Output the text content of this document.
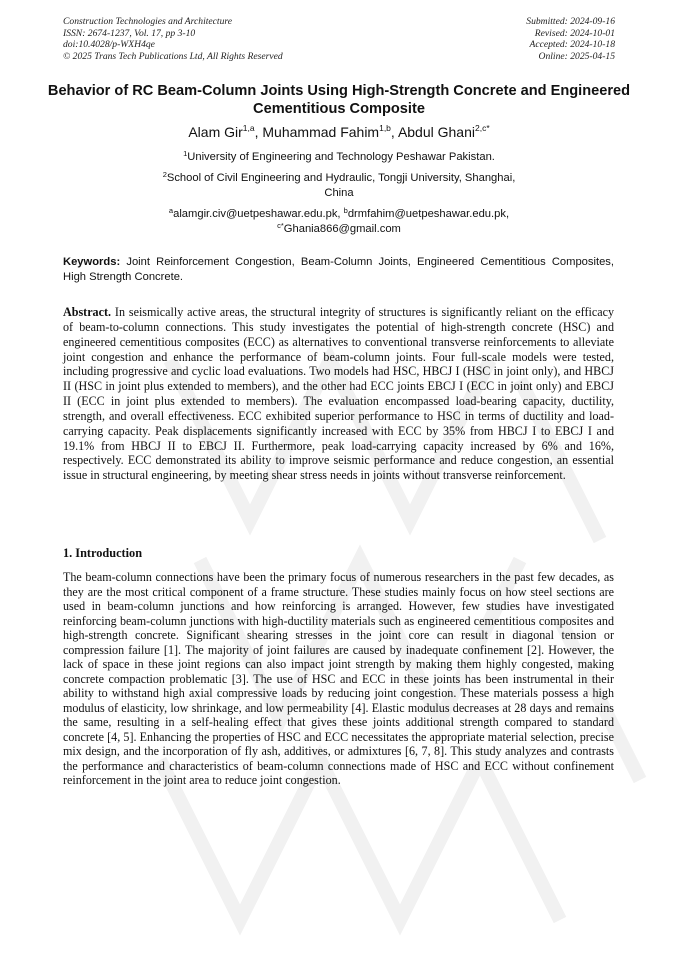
Construction Technologies and Architecture
ISSN: 2674-1237, Vol. 17, pp 3-10
doi:10.4028/p-WXH4qe
© 2025 Trans Tech Publications Ltd, All Rights Reserved
Submitted: 2024-09-16
Revised: 2024-10-01
Accepted: 2024-10-18
Online: 2025-04-15
Behavior of RC Beam-Column Joints Using High-Strength Concrete and Engineered Cementitious Composite
Alam Gir$^{1,a}$, Muhammad Fahim$^{1,b}$, Abdul Ghani$^{2,c*}$
$^1$University of Engineering and Technology Peshawar Pakistan.
$^2$School of Civil Engineering and Hydraulic, Tongji University, Shanghai, China
$^a$alamgir.civ@uetpeshawar.edu.pk, $^b$drmfahim@uetpeshawar.edu.pk,
$^{c*}$Ghania866@gmail.com
Keywords: Joint Reinforcement Congestion, Beam-Column Joints, Engineered Cementitious Composites, High Strength Concrete.
Abstract. In seismically active areas, the structural integrity of structures is significantly reliant on the efficacy of beam-to-column connections. This study investigates the potential of high-strength concrete (HSC) and engineered cementitious composites (ECC) as alternatives to conventional transverse reinforcements to alleviate joint congestion and enhance the performance of beam-column joints. Four full-scale models were tested, including progressive and cyclic load evaluations. Two models had HSC, HBCJ I (HSC in joint only), and HBCJ II (HSC in joint plus extended to members), and the other had ECC joints EBCJ I (ECC in joint only) and EBCJ II (ECC in joint plus extended to members). The evaluation encompassed load-bearing capacity, ductility, strength, and overall effectiveness. ECC exhibited superior performance to HSC in terms of ductility and load-carrying capacity. Peak displacements significantly increased with ECC by 35% from HBCJ I to EBCJ I and 19.1% from HBCJ II to EBCJ II. Furthermore, peak load-carrying capacity increased by 6% and 16%, respectively. ECC demonstrated its ability to improve seismic performance and reduce congestion, an essential issue in structural engineering, by meeting shear stress needs in joints without transverse reinforcement.
1. Introduction
The beam-column connections have been the primary focus of numerous researchers in the past few decades, as they are the most critical component of a frame structure. These studies mainly focus on how steel sections are used in beam-column junctions and how reinforcing is arranged. However, few studies have investigated reinforcing beam-column junctions with high-ductility materials such as engineered cementitious composites and high-strength concrete. Significant shearing stresses in the joint core can result in diagonal tension or compression failure [1]. The majority of joint failures are caused by inadequate confinement [2]. However, the lack of space in these joint regions can also impact joint strength by making them highly congested, making concrete compaction problematic [3]. The use of HSC and ECC in these joints has been instrumental in their ability to withstand high axial compressive loads by reducing joint congestion. These materials possess a high modulus of elasticity, low shrinkage, and low permeability [4]. Elastic modulus decreases at 28 days and remains the same, resulting in a self-healing effect that gives these joints additional strength compared to standard concrete [4, 5]. Enhancing the properties of HSC and ECC necessitates the appropriate material selection, precise mix design, and the incorporation of fly ash, additives, or admixtures [6, 7, 8]. This study analyzes and contrasts the performance and characteristics of beam-column connections made of HSC and ECC without confinement reinforcement in the joint area to reduce joint congestion.
